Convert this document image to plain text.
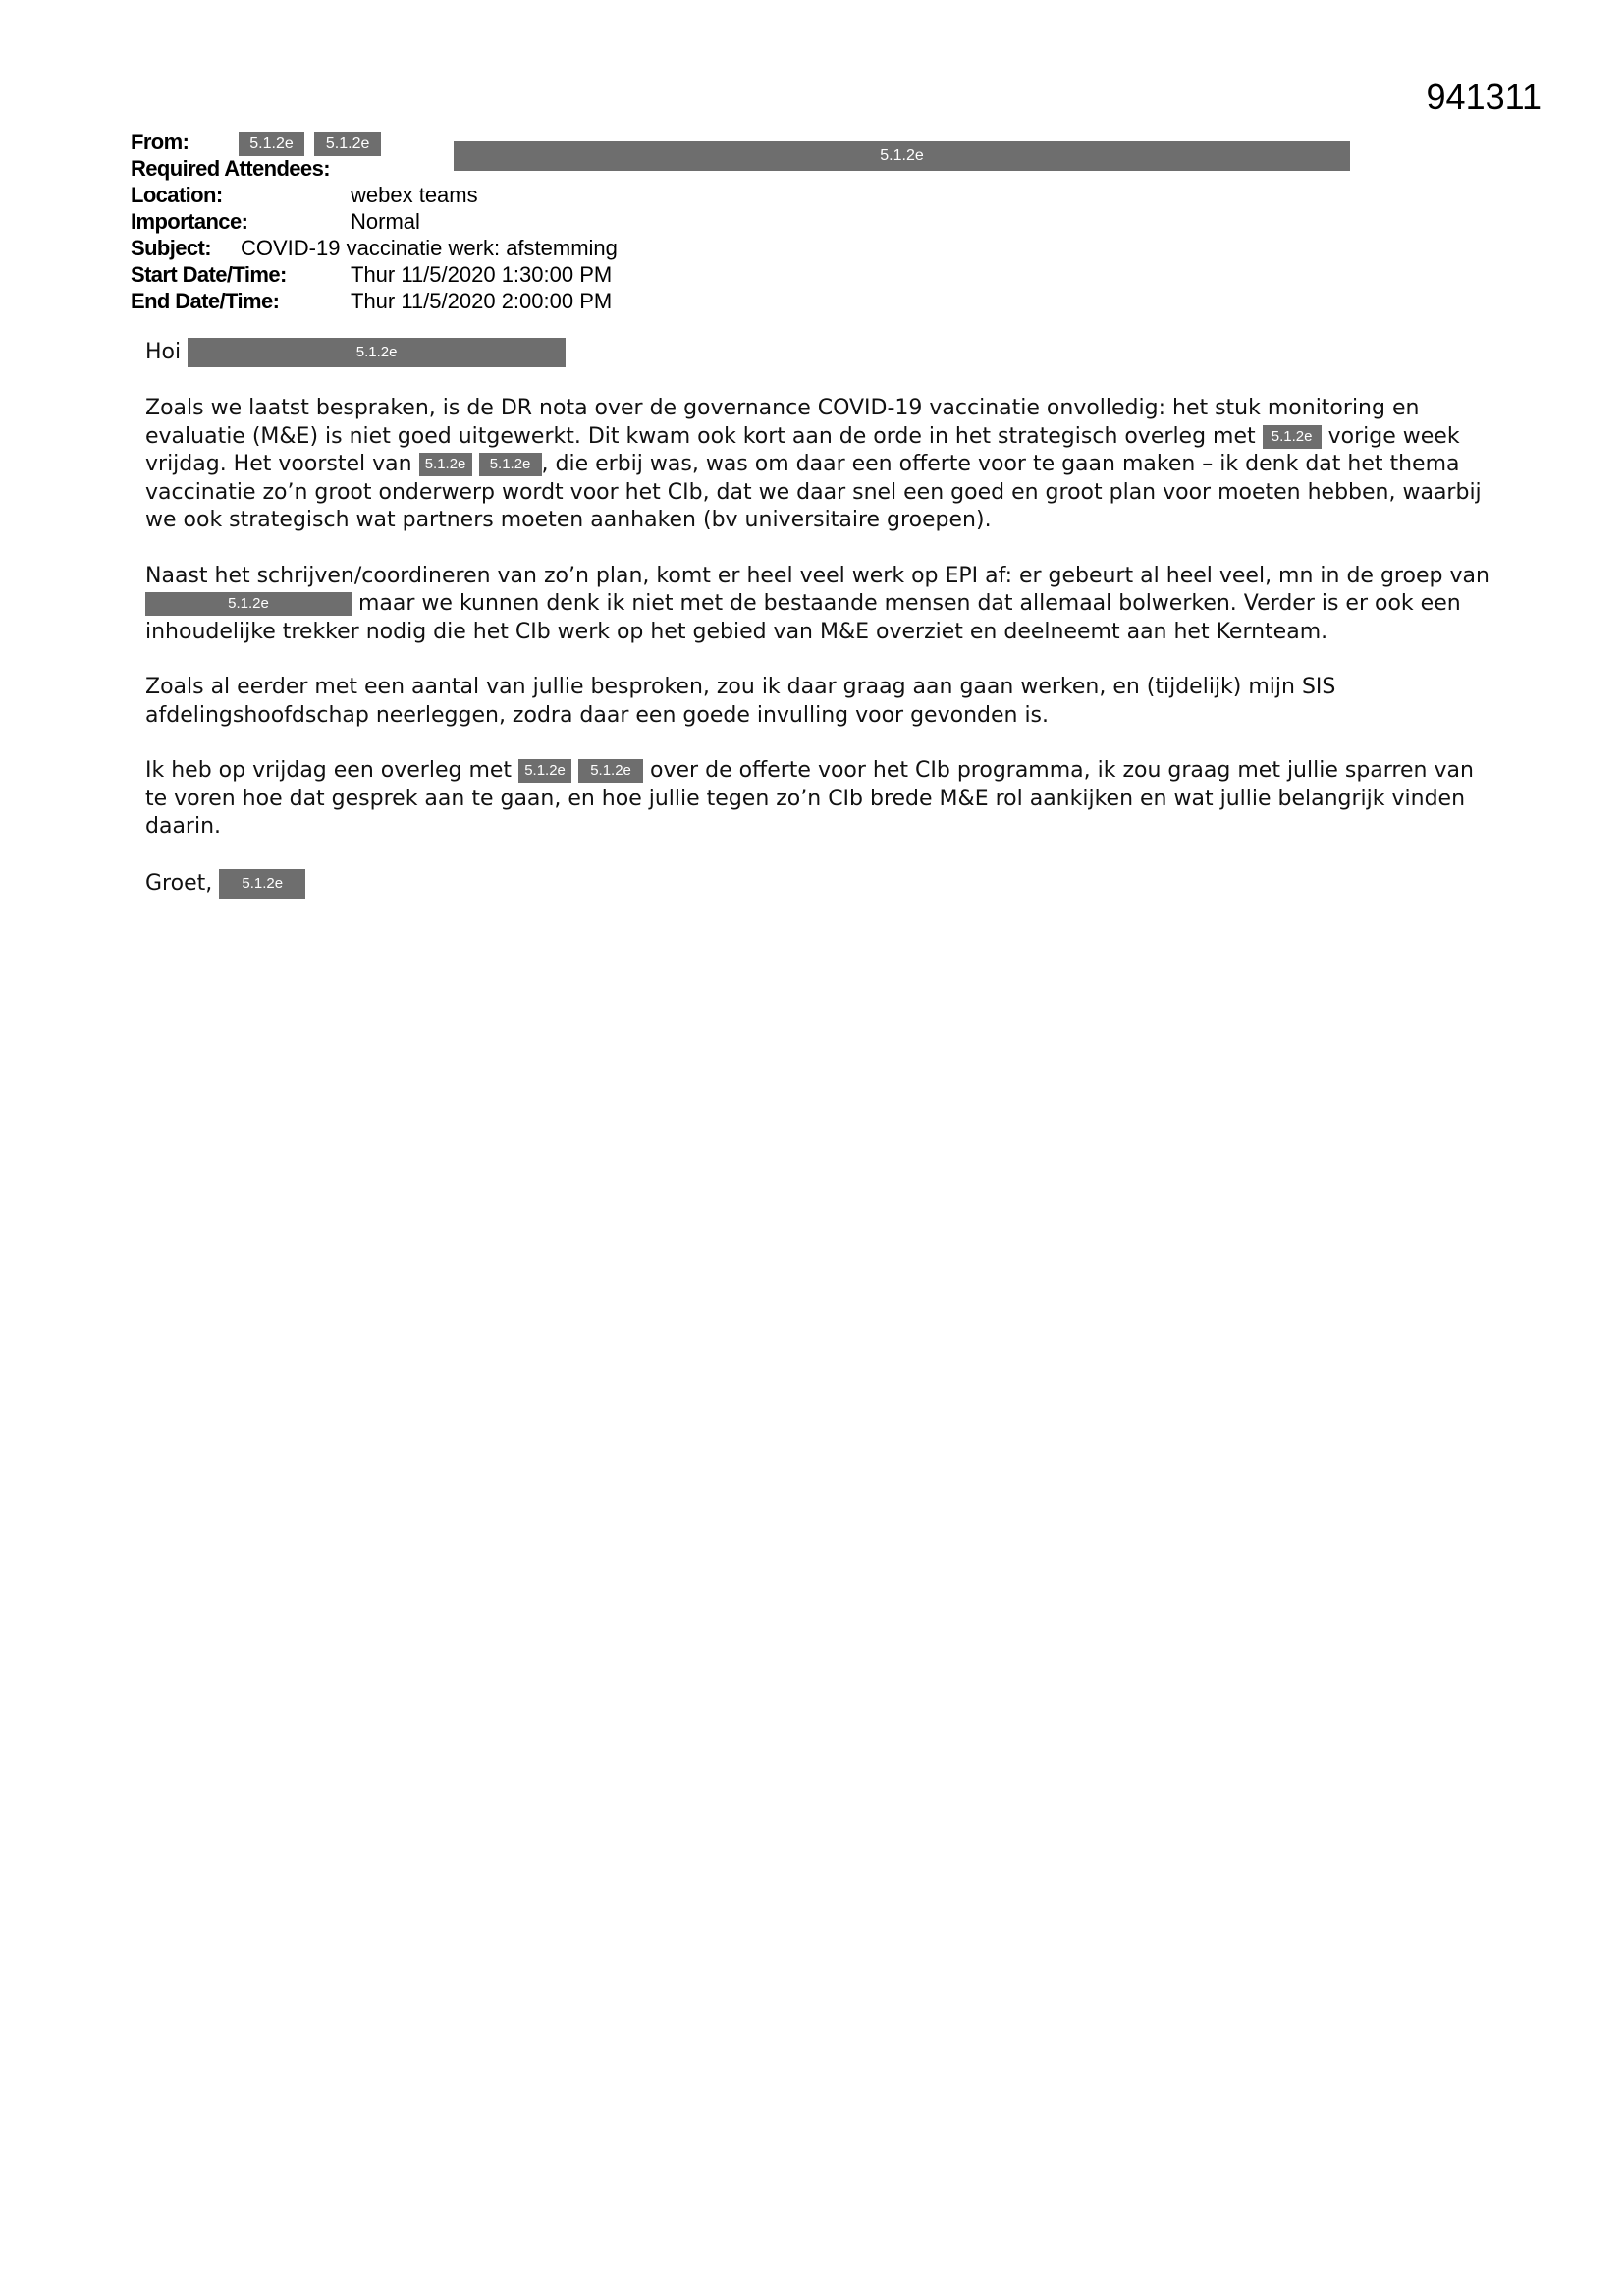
941311
From:	5.1.2e 5.1.2e
Required Attendees:
5.1.2e
Location:	webex teams
Importance:	Normal
Subject: COVID-19 vaccinatie werk: afstemming
Start Date/Time:	Thur 11/5/2020 1:30:00 PM
End Date/Time:	Thur 11/5/2020 2:00:00 PM

Hoi	5.1.2e

Zoals we laatst bespraken, is de DR nota over de governance COVID-19 vaccinatie onvolledig: het stuk monitoring en evaluatie (M&E) is niet goed uitgewerkt. Dit kwam ook kort aan de orde in het strategisch overleg met 5.1.2e vorige week vrijdag. Het voorstel van 5.1.2e 5.1.2e , die erbij was, was om daar een offerte voor te gaan maken – ik denk dat het thema vaccinatie zo’n groot onderwerp wordt voor het CIb, dat we daar snel een goed en groot plan voor moeten hebben, waarbij we ook strategisch wat partners moeten aanhaken (bv universitaire groepen).

Naast het schrijven/coordineren van zo’n plan, komt er heel veel werk op EPI af: er gebeurt al heel veel, mn in de groep van 5.1.2e	maar we kunnen denk ik niet met de bestaande mensen dat allemaal bolwerken. Verder is er ook een inhoudelijke trekker nodig die het CIb werk op het gebied van M&E overziet en deelneemt aan het Kernteam.

Zoals al eerder met een aantal van jullie besproken, zou ik daar graag aan gaan werken, en (tijdelijk) mijn SIS afdelingshoofdschap neerleggen, zodra daar een goede invulling voor gevonden is.

Ik heb op vrijdag een overleg met 5.1.2e 5.1.2e over de offerte voor het CIb programma, ik zou graag met jullie sparren van te voren hoe dat gesprek aan te gaan, en hoe jullie tegen zo’n CIb brede M&E rol aankijken en wat jullie belangrijk vinden daarin.

Groet, 5.1.2e
